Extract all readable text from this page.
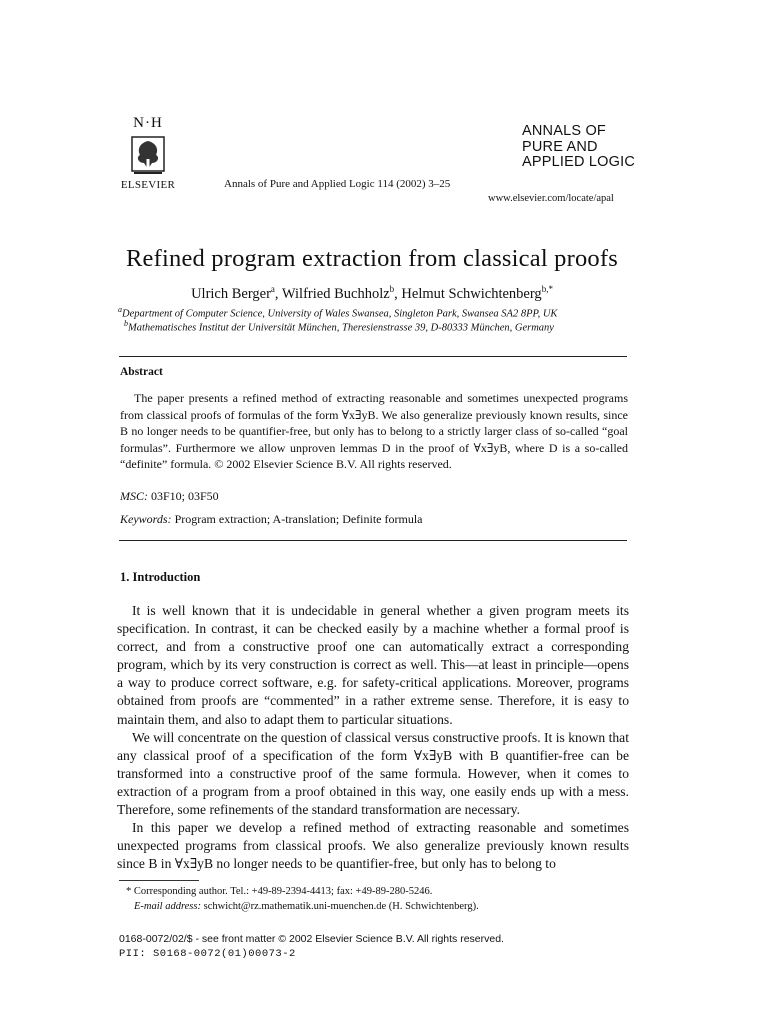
N·H
ELSEVIER	Annals of Pure and Applied Logic 114 (2002) 3–25
ANNALS OF
PURE AND
APPLIED LOGIC
www.elsevier.com/locate/apal
Refined program extraction from classical proofs
Ulrich Berger$^a$, Wilfried Buchholz$^b$, Helmut Schwichtenberg$^{b,*}$
$^a$Department of Computer Science, University of Wales Swansea, Singleton Park, Swansea SA2 8PP, UK
$^b$Mathematisches Institut der Universität München, Theresienstrasse 39, D-80333 München, Germany
Abstract
The paper presents a refined method of extracting reasonable and sometimes unexpected programs from classical proofs of formulas of the form ∀x∃yB. We also generalize previously known results, since B no longer needs to be quantifier-free, but only has to belong to a strictly larger class of so-called “goal formulas”. Furthermore we allow unproven lemmas D in the proof of ∀x∃yB, where D is a so-called “definite” formula. © 2002 Elsevier Science B.V. All rights reserved.
MSC: 03F10; 03F50
Keywords: Program extraction; A-translation; Definite formula
1. Introduction

It is well known that it is undecidable in general whether a given program meets its specification. In contrast, it can be checked easily by a machine whether a formal proof is correct, and from a constructive proof one can automatically extract a corresponding program, which by its very construction is correct as well. This—at least in principle—opens a way to produce correct software, e.g. for safety-critical applications. Moreover, programs obtained from proofs are “commented” in a rather extreme sense. Therefore, it is easy to maintain them, and also to adapt them to particular situations.

We will concentrate on the question of classical versus constructive proofs. It is known that any classical proof of a specification of the form ∀x∃yB with B quantifier-free can be transformed into a constructive proof of the same formula. However, when it comes to extraction of a program from a proof obtained in this way, one easily ends up with a mess. Therefore, some refinements of the standard transformation are necessary.

In this paper we develop a refined method of extracting reasonable and sometimes unexpected programs from classical proofs. We also generalize previously known results since B in ∀x∃yB no longer needs to be quantifier-free, but only has to belong to

* Corresponding author. Tel.: +49-89-2394-4413; fax: +49-89-280-5246.
E-mail address: schwicht@rz.mathematik.uni-muenchen.de (H. Schwichtenberg).
0168-0072/02/$ - see front matter © 2002 Elsevier Science B.V. All rights reserved.
PII: S0168-0072(01)00073-2
